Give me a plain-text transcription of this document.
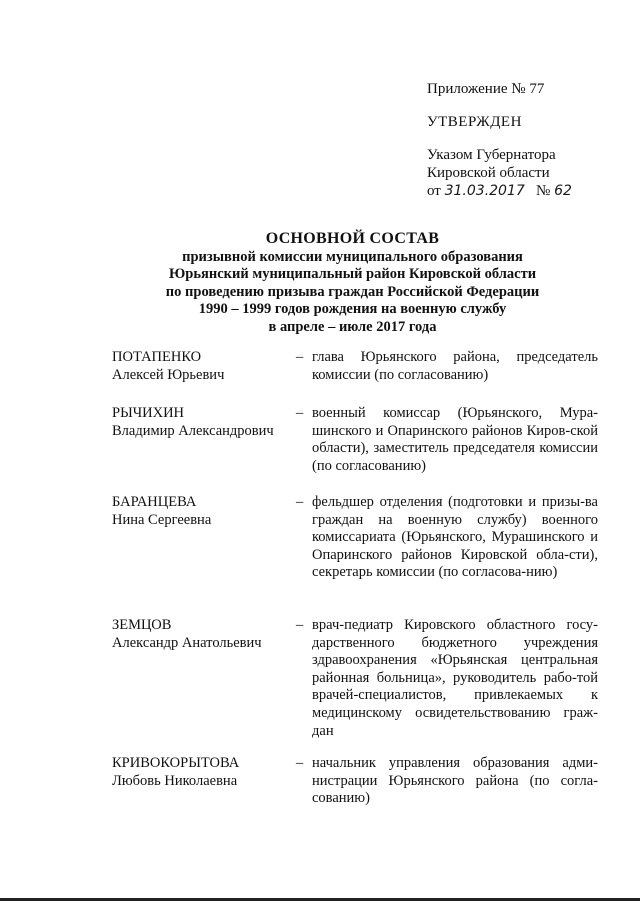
Приложение № 77
УТВЕРЖДЕН
Указом Губернатора
Кировской области
от 31.03.2017 № 62
ОСНОВНОЙ СОСТАВ
призывной комиссии муниципального образования
Юрьянский муниципальный район Кировской области
по проведению призыва граждан Российской Федерации
1990 – 1999 годов рождения на военную службу
в апреле – июле 2017 года
ПОТАПЕНКО
Алексей Юрьевич
– глава Юрьянского района, председатель комиссии (по согласованию)
РЫЧИХИН
Владимир Александрович
– военный комиссар (Юрьянского, Мура-шинского и Опаринского районов Киров-ской области), заместитель председателя комиссии (по согласованию)
БАРАНЦЕВА
Нина Сергеевна
– фельдшер отделения (подготовки и призы-ва граждан на военную службу) военного комиссариата (Юрьянского, Мурашинского и Опаринского районов Кировской обла-сти), секретарь комиссии (по согласова-нию)
ЗЕМЦОВ
Александр Анатольевич
– врач-педиатр Кировского областного госу-дарственного бюджетного учреждения здравоохранения «Юрьянская центральная районная больница», руководитель рабо-той врачей-специалистов, привлекаемых к медицинскому освидетельствованию граж-дан
КРИВОКОРЫТОВА
Любовь Николаевна
– начальник управления образования адми-нистрации Юрьянского района (по согла-сованию)
